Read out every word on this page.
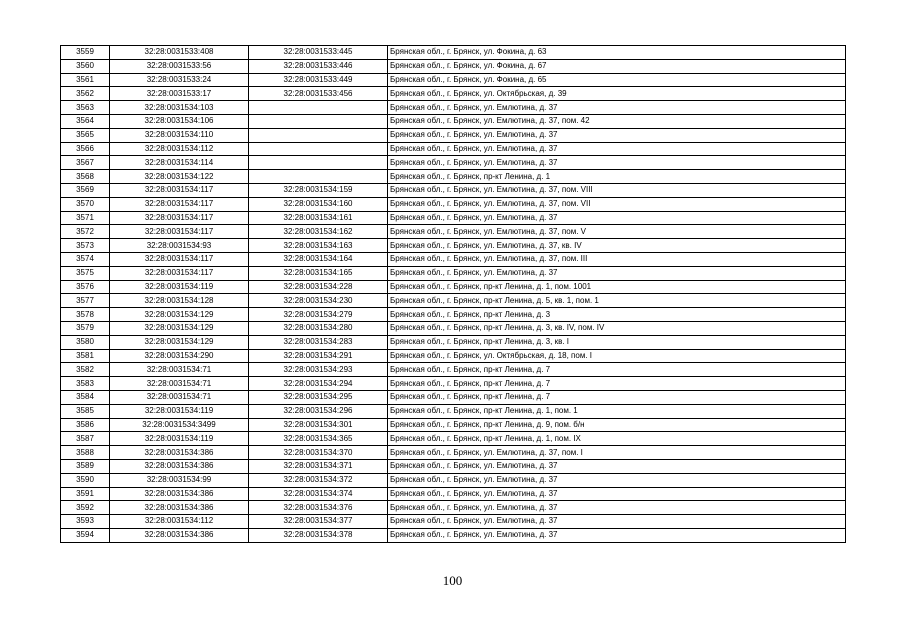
3559	32:28:0031533:408	32:28:0031533:445	Брянская обл., г. Брянск, ул. Фокина, д. 63
3560	32:28:0031533:56	32:28:0031533:446	Брянская обл., г. Брянск, ул. Фокина, д. 67
3561	32:28:0031533:24	32:28:0031533:449	Брянская обл., г. Брянск, ул. Фокина, д. 65
3562	32:28:0031533:17	32:28:0031533:456	Брянская обл., г. Брянск, ул. Октябрьская, д. 39
3563	32:28:0031534:103		Брянская обл., г. Брянск, ул. Емлютина, д. 37
3564	32:28:0031534:106		Брянская обл., г. Брянск, ул. Емлютина, д. 37, пом. 42
3565	32:28:0031534:110		Брянская обл., г. Брянск, ул. Емлютина, д. 37
3566	32:28:0031534:112		Брянская обл., г. Брянск, ул. Емлютина, д. 37
3567	32:28:0031534:114		Брянская обл., г. Брянск, ул. Емлютина, д. 37
3568	32:28:0031534:122		Брянская обл., г. Брянск, пр-кт Ленина, д. 1
3569	32:28:0031534:117	32:28:0031534:159	Брянская обл., г. Брянск, ул. Емлютина, д. 37, пом. VIII
3570	32:28:0031534:117	32:28:0031534:160	Брянская обл., г. Брянск, ул. Емлютина, д. 37, пом. VII
3571	32:28:0031534:117	32:28:0031534:161	Брянская обл., г. Брянск, ул. Емлютина, д. 37
3572	32:28:0031534:117	32:28:0031534:162	Брянская обл., г. Брянск, ул. Емлютина, д. 37, пом. V
3573	32:28:0031534:93	32:28:0031534:163	Брянская обл., г. Брянск, ул. Емлютина, д. 37, кв. IV
3574	32:28:0031534:117	32:28:0031534:164	Брянская обл., г. Брянск, ул. Емлютина, д. 37, пом. III
3575	32:28:0031534:117	32:28:0031534:165	Брянская обл., г. Брянск, ул. Емлютина, д. 37
3576	32:28:0031534:119	32:28:0031534:228	Брянская обл., г. Брянск, пр-кт Ленина, д. 1, пом. 1001
3577	32:28:0031534:128	32:28:0031534:230	Брянская обл., г. Брянск, пр-кт Ленина, д. 5, кв. 1, пом. 1
3578	32:28:0031534:129	32:28:0031534:279	Брянская обл., г. Брянск, пр-кт Ленина, д. 3
3579	32:28:0031534:129	32:28:0031534:280	Брянская обл., г. Брянск, пр-кт Ленина, д. 3, кв. IV, пом. IV
3580	32:28:0031534:129	32:28:0031534:283	Брянская обл., г. Брянск, пр-кт Ленина, д. 3, кв. I
3581	32:28:0031534:290	32:28:0031534:291	Брянская обл., г. Брянск, ул. Октябрьская, д. 18, пом. I
3582	32:28:0031534:71	32:28:0031534:293	Брянская обл., г. Брянск, пр-кт Ленина, д. 7
3583	32:28:0031534:71	32:28:0031534:294	Брянская обл., г. Брянск, пр-кт Ленина, д. 7
3584	32:28:0031534:71	32:28:0031534:295	Брянская обл., г. Брянск, пр-кт Ленина, д. 7
3585	32:28:0031534:119	32:28:0031534:296	Брянская обл., г. Брянск, пр-кт Ленина, д. 1, пом. 1
3586	32:28:0031534:3499	32:28:0031534:301	Брянская обл., г. Брянск, пр-кт Ленина, д. 9, пом. б/н
3587	32:28:0031534:119	32:28:0031534:365	Брянская обл., г. Брянск, пр-кт Ленина, д. 1, пом. IX
3588	32:28:0031534:386	32:28:0031534:370	Брянская обл., г. Брянск, ул. Емлютина, д. 37, пом. I
3589	32:28:0031534:386	32:28:0031534:371	Брянская обл., г. Брянск, ул. Емлютина, д. 37
3590	32:28:0031534:99	32:28:0031534:372	Брянская обл., г. Брянск, ул. Емлютина, д. 37
3591	32:28:0031534:386	32:28:0031534:374	Брянская обл., г. Брянск, ул. Емлютина, д. 37
3592	32:28:0031534:386	32:28:0031534:376	Брянская обл., г. Брянск, ул. Емлютина, д. 37
3593	32:28:0031534:112	32:28:0031534:377	Брянская обл., г. Брянск, ул. Емлютина, д. 37
3594	32:28:0031534:386	32:28:0031534:378	Брянская обл., г. Брянск, ул. Емлютина, д. 37
100
